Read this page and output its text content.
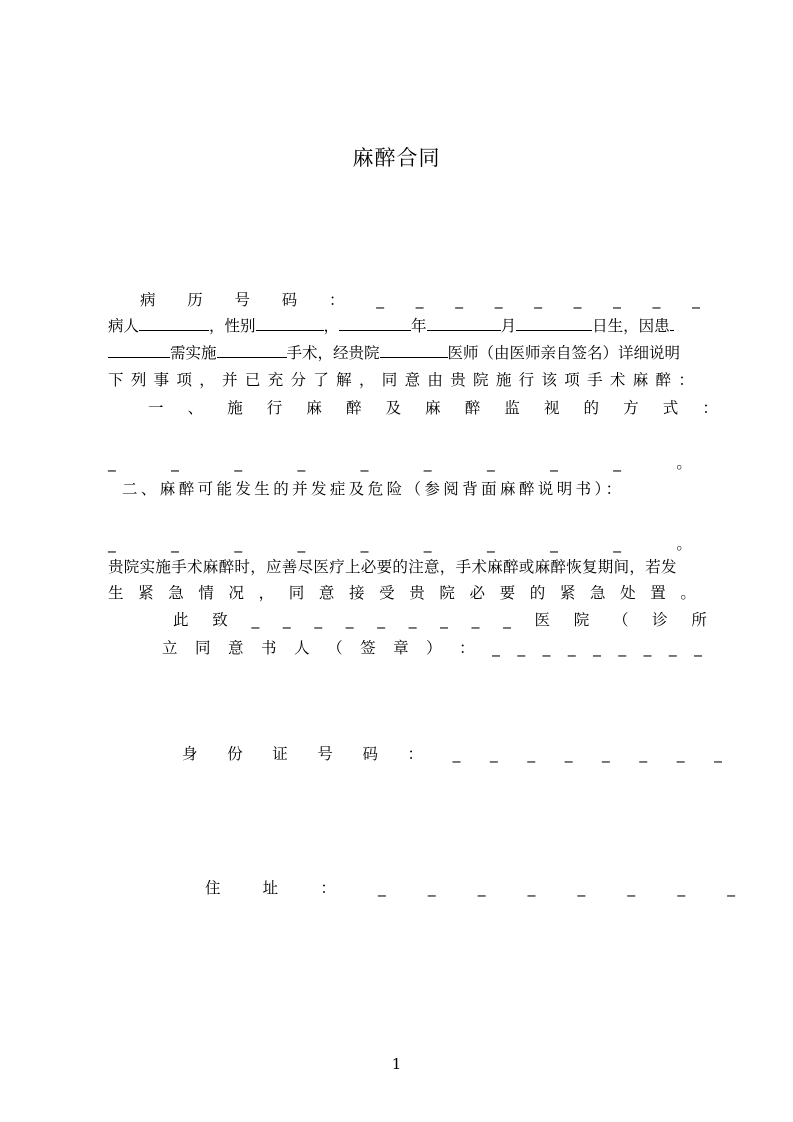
麻醉合同
病 历 号 码 ： _ _ _ _ _ _ _ _ _
病人	，性别	，	年	月	日生，因患
需实施	手术，经贵院	医师（由医师亲自签名）详细说明
下 列 事 项 ， 并 已 充 分 了 解 ， 同 意 由 贵 院 施 行 该 项 手 术 麻 醉 ：
一 、 施 行 麻 醉 及 麻 醉 监 视 的 方 式 ：
_	_	_	_	_	_	_	_	_	。
二、麻醉可能发生的并发症及危险（参阅背面麻醉说明书）：
_	_	_	_	_	_	_	_	_	。
贵院实施手术麻醉时，应善尽医疗上必要的注意，手术麻醉或麻醉恢复期间，若发
生 紧 急 情 况 ， 同 意 接 受 贵 院 必 要 的 紧 急 处 置 。
此 致 _ _ _ _ _ _ _ _ _ 医 院 （ 诊 所
立 同 意 书 人 （ 签 章 ） ： _ _ _ _ _ _ _ _ _
身 份 证 号 码 ： _ _ _ _ _ _ _ _
住	址	：	_	_	_	_	_	_	_	_
1
